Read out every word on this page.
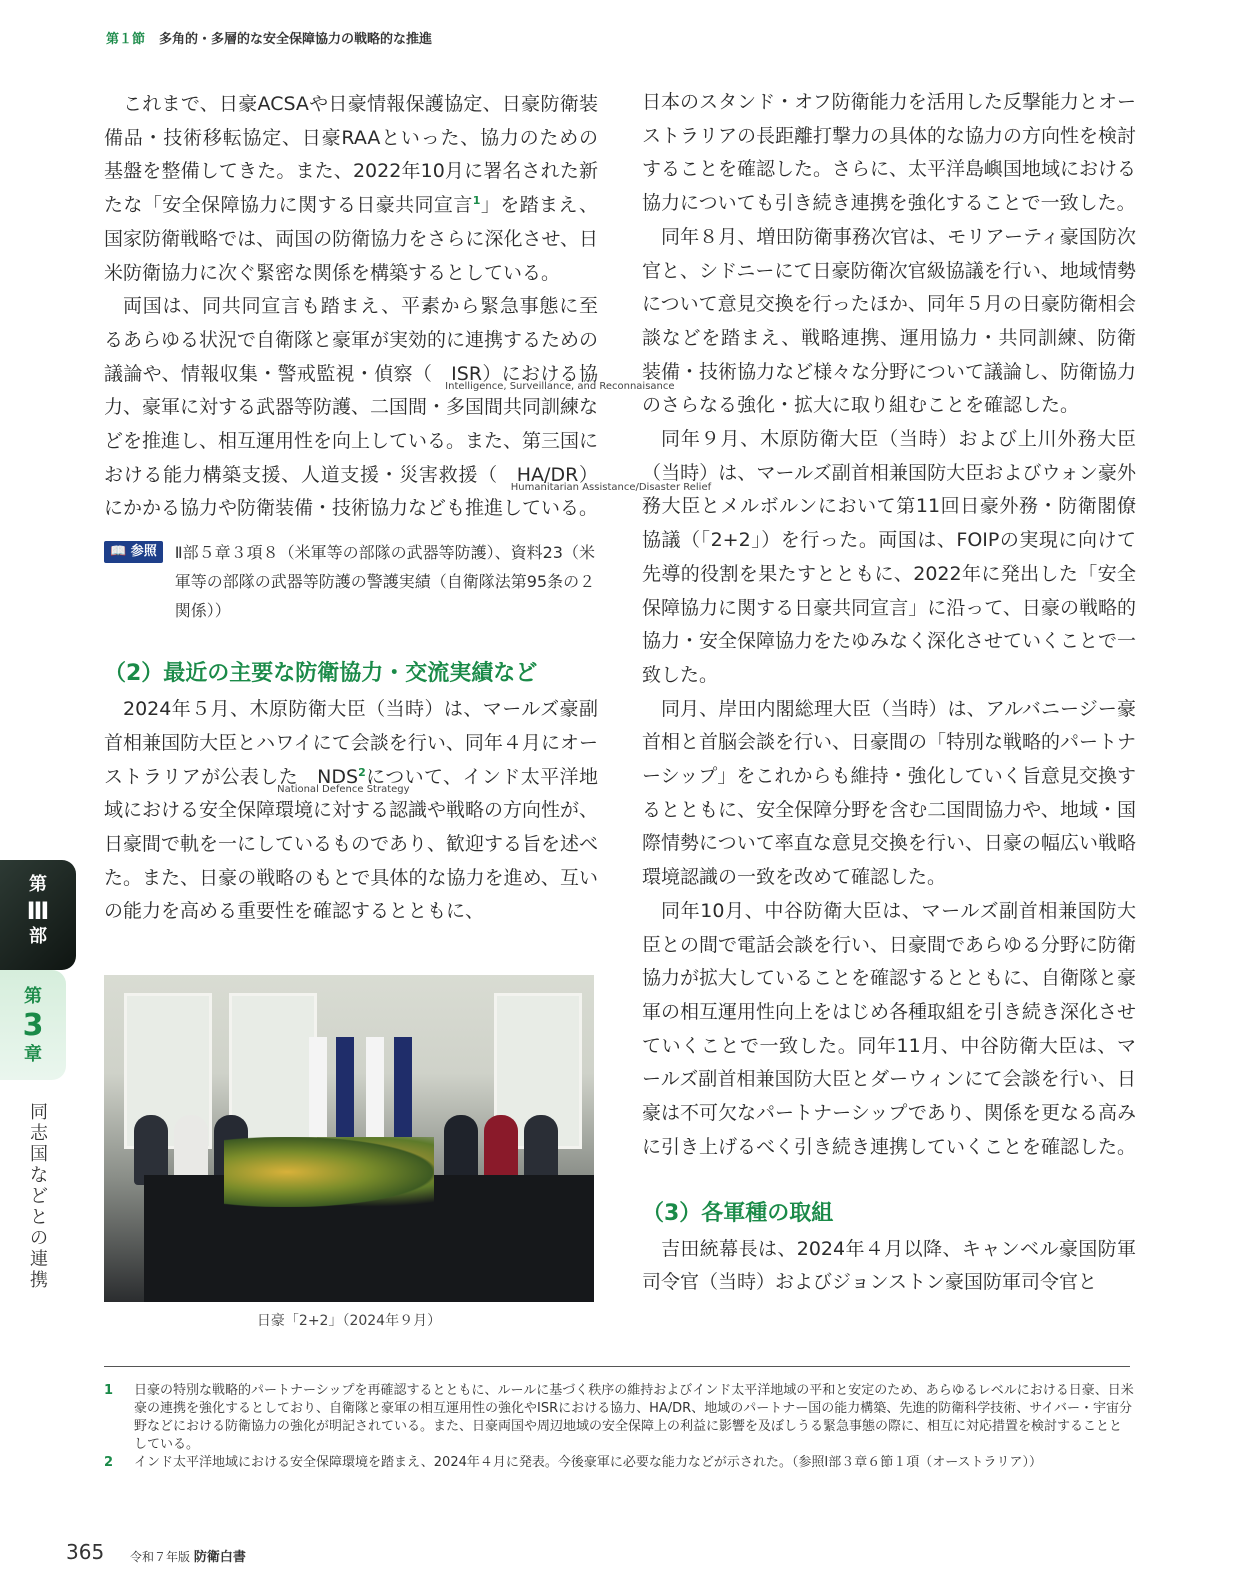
第１節 多角的・多層的な安全保障協力の戦略的な推進

これまで、日豪ACSAや日豪情報保護協定、日豪防衛装備品・技術移転協定、日豪RAAといった、協力のための基盤を整備してきた。また、2022年10月に署名された新たな「安全保障協力に関する日豪共同宣言$^1$」を踏まえ、国家防衛戦略では、両国の防衛協力をさらに深化させ、日米防衛協力に次ぐ緊密な関係を構築するとしている。

両国は、同共同宣言も踏まえ、平素から緊急事態に至るあらゆる状況で自衛隊と豪軍が実効的に連携するための議論や、情報収集・警戒監視・偵察（ ISR
Intelligence, Surveillance, and Reconnaisance
）における協力、豪軍に対する武器等防護、二国間・多国間共同訓練などを推進し、相互運用性を向上している。また、第三国における能力構築支援、人道支援・災害救援（ HA/DR
Humanitarian Assistance/Disaster Relief
）にかかる協力や防衛装備・技術協力なども推進している。

📖 参照	Ⅱ部５章３項８（米軍等の部隊の武器等防護）、資料23（米軍等の部隊の武器等防護の警護実績（自衛隊法第95条の２関係））
（2）最近の主要な防衛協力・交流実績など

2024年５月、木原防衛大臣（当時）は、マールズ豪副首相兼国防大臣とハワイにて会談を行い、同年４月にオーストラリアが公表した NDS
National Defence Strategy
$^2$について、インド太平洋地域における安全保障環境に対する認識や戦略の方向性が、日豪間で軌を一にしているものであり、歓迎する旨を述べた。また、日豪の戦略のもとで具体的な協力を進め、互いの能力を高める重要性を確認するとともに、

日豪「2+2」（2024年９月）

日本のスタンド・オフ防衛能力を活用した反撃能力とオーストラリアの長距離打撃力の具体的な協力の方向性を検討することを確認した。さらに、太平洋島嶼国地域における協力についても引き続き連携を強化することで一致した。

同年８月、増田防衛事務次官は、モリアーティ豪国防次官と、シドニーにて日豪防衛次官級協議を行い、地域情勢について意見交換を行ったほか、同年５月の日豪防衛相会談などを踏まえ、戦略連携、運用協力・共同訓練、防衛装備・技術協力など様々な分野について議論し、防衛協力のさらなる強化・拡大に取り組むことを確認した。

同年９月、木原防衛大臣（当時）および上川外務大臣（当時）は、マールズ副首相兼国防大臣およびウォン豪外務大臣とメルボルンにおいて第11回日豪外務・防衛閣僚協議（「2+2」）を行った。両国は、FOIPの実現に向けて先導的役割を果たすとともに、2022年に発出した「安全保障協力に関する日豪共同宣言」に沿って、日豪の戦略的協力・安全保障協力をたゆみなく深化させていくことで一致した。

同月、岸田内閣総理大臣（当時）は、アルバニージー豪首相と首脳会談を行い、日豪間の「特別な戦略的パートナーシップ」をこれからも維持・強化していく旨意見交換するとともに、安全保障分野を含む二国間協力や、地域・国際情勢について率直な意見交換を行い、日豪の幅広い戦略環境認識の一致を改めて確認した。

同年10月、中谷防衛大臣は、マールズ副首相兼国防大臣との間で電話会談を行い、日豪間であらゆる分野に防衛協力が拡大していることを確認するとともに、自衛隊と豪軍の相互運用性向上をはじめ各種取組を引き続き深化させていくことで一致した。同年11月、中谷防衛大臣は、マールズ副首相兼国防大臣とダーウィンにて会談を行い、日豪は不可欠なパートナーシップであり、関係を更なる高みに引き上げるべく引き続き連携していくことを確認した。

（3）各軍種の取組

吉田統幕長は、2024年４月以降、キャンベル豪国防軍司令官（当時）およびジョンストン豪国防軍司令官と

1	日豪の特別な戦略的パートナーシップを再確認するとともに、ルールに基づく秩序の維持およびインド太平洋地域の平和と安定のため、あらゆるレベルにおける日豪、日米豪の連携を強化するとしており、自衛隊と豪軍の相互運用性の強化やISRにおける協力、HA/DR、地域のパートナー国の能力構築、先進的防衛科学技術、サイバー・宇宙分野などにおける防衛協力の強化が明記されている。また、日豪両国や周辺地域の安全保障上の利益に影響を及ぼしうる緊急事態の際に、相互に対応措置を検討することとしている。
2	インド太平洋地域における安全保障環境を踏まえ、2024年４月に発表。今後豪軍に必要な能力などが示された。（参照Ⅰ部３章６節１項（オーストラリア））
365 令和７年版 防衛白書
第
Ⅲ
部
第
3
章
同志国などとの連携
